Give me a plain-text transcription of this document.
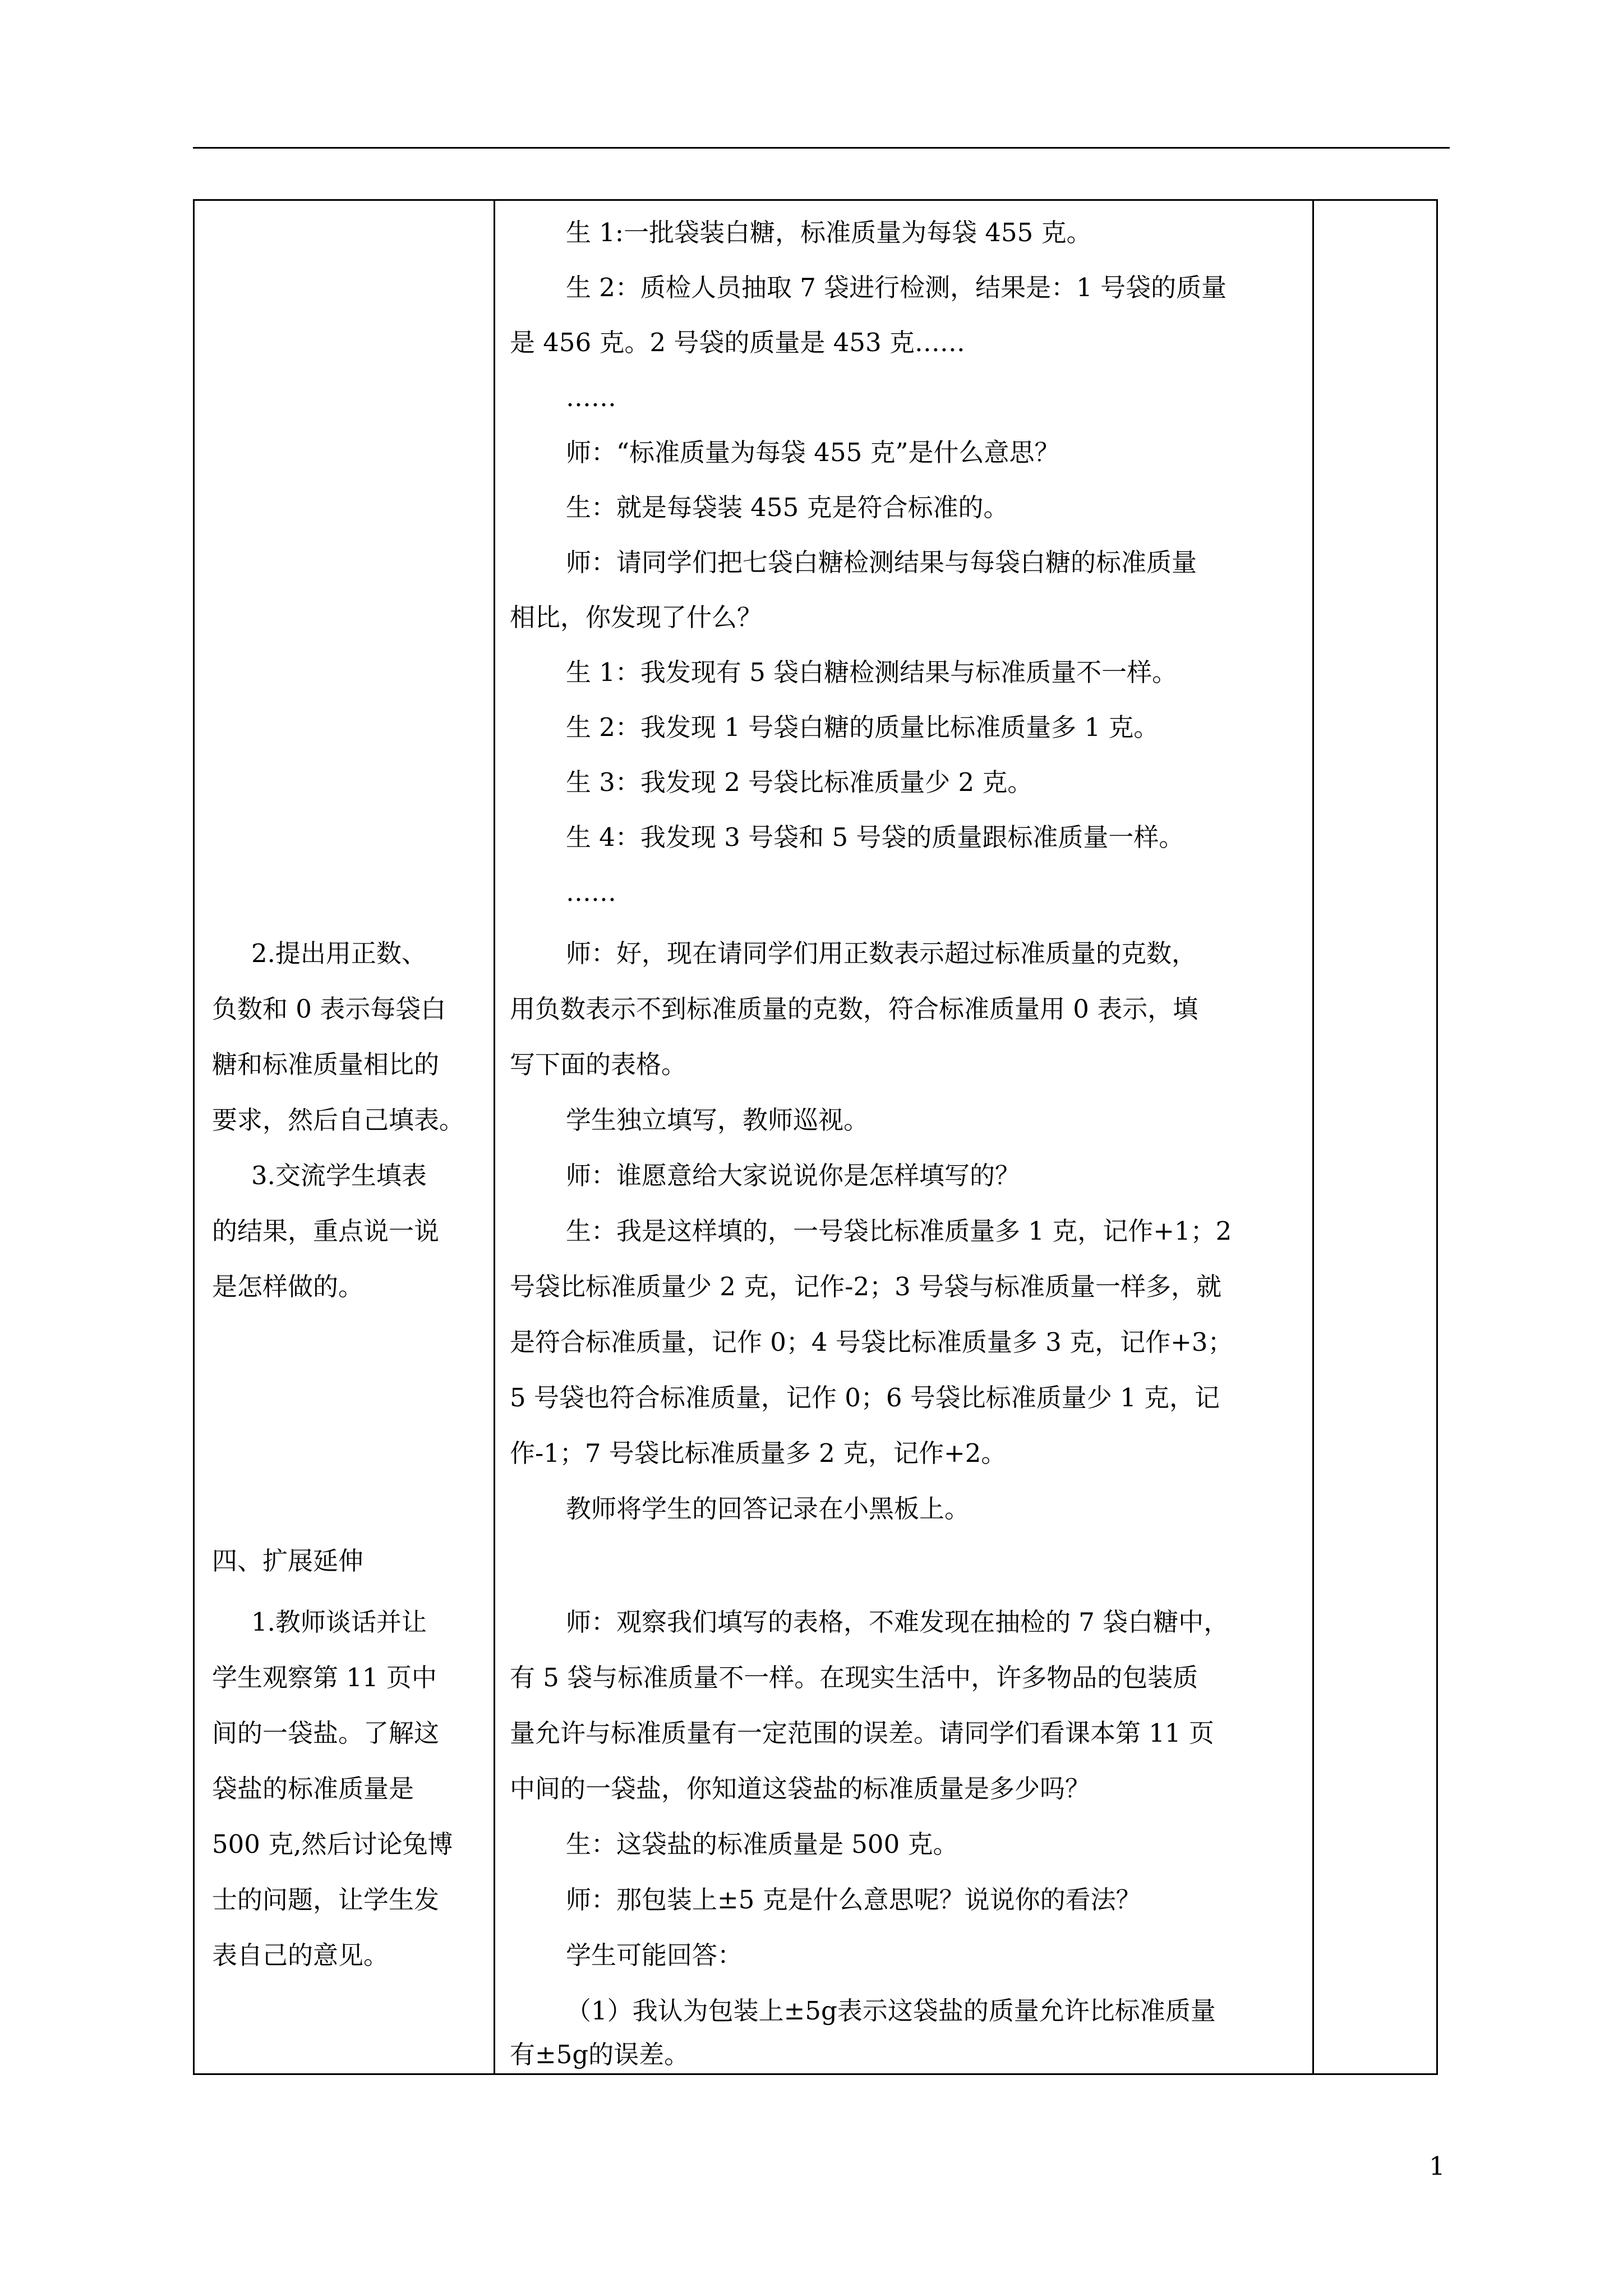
2.提出用正数、
负数和 0 表示每袋白
糖和标准质量相比的
要求，然后自己填表。
3.交流学生填表
的结果，重点说一说
是怎样做的。
四、扩展延伸
1.教师谈话并让
学生观察第 11 页中
间的一袋盐。了解这
袋盐的标准质量是
500 克,然后讨论兔博
士的问题，让学生发
表自己的意见。
生 1:一批袋装白糖，标准质量为每袋 455 克。
生 2：质检人员抽取 7 袋进行检测，结果是：1 号袋的质量
是 456 克。2 号袋的质量是 453 克……
……
师：“标准质量为每袋 455 克”是什么意思？
生：就是每袋装 455 克是符合标准的。
师：请同学们把七袋白糖检测结果与每袋白糖的标准质量
相比，你发现了什么？
生 1：我发现有 5 袋白糖检测结果与标准质量不一样。
生 2：我发现 1 号袋白糖的质量比标准质量多 1 克。
生 3：我发现 2 号袋比标准质量少 2 克。
生 4：我发现 3 号袋和 5 号袋的质量跟标准质量一样。
……
师：好，现在请同学们用正数表示超过标准质量的克数，
用负数表示不到标准质量的克数，符合标准质量用 0 表示，填
写下面的表格。
学生独立填写，教师巡视。
师：谁愿意给大家说说你是怎样填写的？
生：我是这样填的，一号袋比标准质量多 1 克，记作+1；2
号袋比标准质量少 2 克，记作-2；3 号袋与标准质量一样多，就
是符合标准质量，记作 0；4 号袋比标准质量多 3 克，记作+3；
5 号袋也符合标准质量，记作 0；6 号袋比标准质量少 1 克，记
作-1；7 号袋比标准质量多 2 克，记作+2。
教师将学生的回答记录在小黑板上。
师：观察我们填写的表格，不难发现在抽检的 7 袋白糖中，
有 5 袋与标准质量不一样。在现实生活中，许多物品的包装质
量允许与标准质量有一定范围的误差。请同学们看课本第 11 页
中间的一袋盐，你知道这袋盐的标准质量是多少吗？
生：这袋盐的标准质量是 500 克。
师：那包装上±5 克是什么意思呢？说说你的看法？
学生可能回答：
（1）我认为包装上±5g表示这袋盐的质量允许比标准质量
有±5g的误差。
1
